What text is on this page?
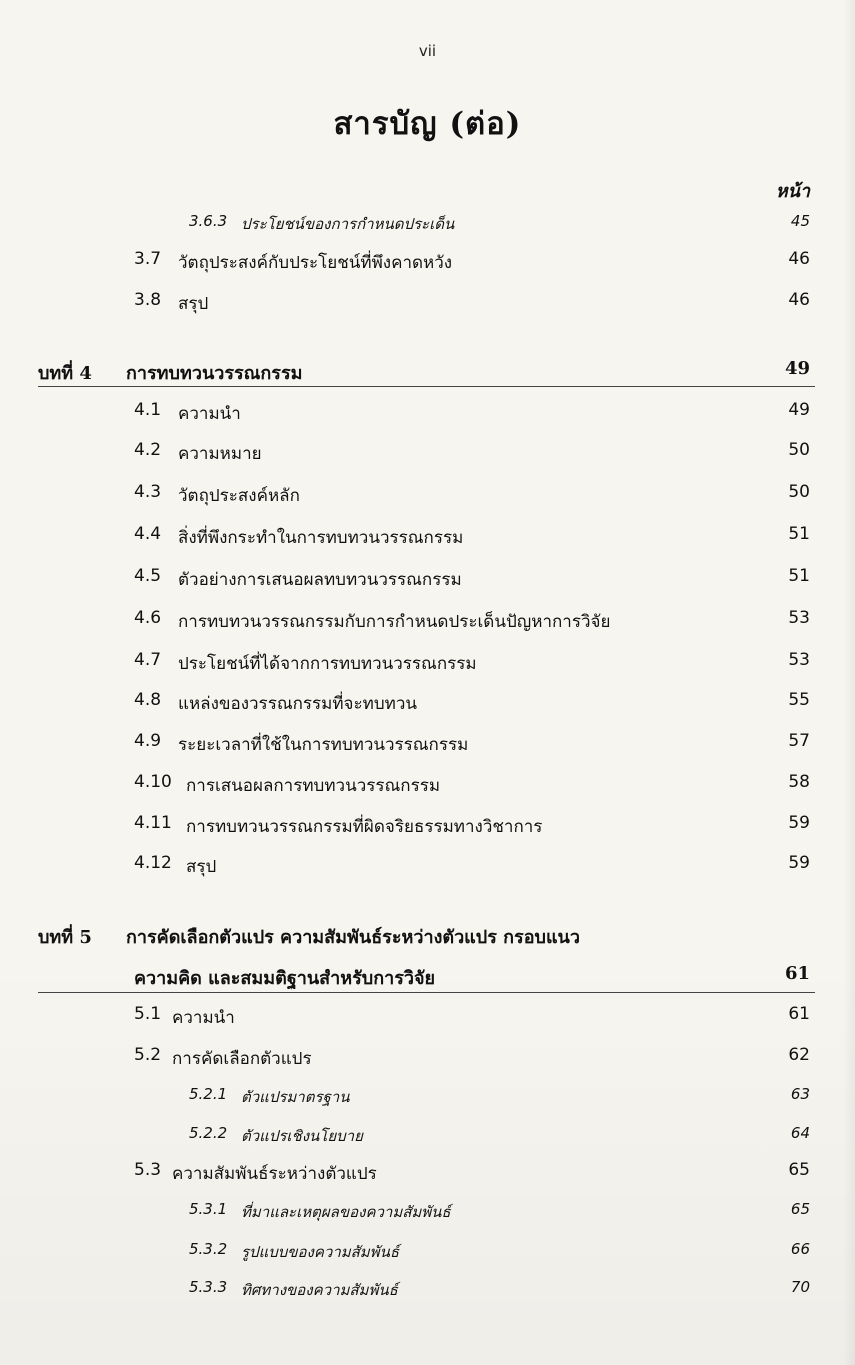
vii
สารบัญ (ต่อ)
หน้า
3.6.3 ประโยชน์ของการกำหนดประเด็น	45
3.7 วัตถุประสงค์กับประโยชน์ที่พึงคาดหวัง	46
3.8 สรุป	46
บทที่ 4 การทบทวนวรรณกรรม	49
4.1 ความนำ	49
4.2 ความหมาย	50
4.3 วัตถุประสงค์หลัก	50
4.4 สิ่งที่พึงกระทำในการทบทวนวรรณกรรม	51
4.5 ตัวอย่างการเสนอผลทบทวนวรรณกรรม	51
4.6 การทบทวนวรรณกรรมกับการกำหนดประเด็นปัญหาการวิจัย	53
4.7 ประโยชน์ที่ได้จากการทบทวนวรรณกรรม	53
4.8 แหล่งของวรรณกรรมที่จะทบทวน	55
4.9 ระยะเวลาที่ใช้ในการทบทวนวรรณกรรม	57
4.10 การเสนอผลการทบทวนวรรณกรรม	58
4.11 การทบทวนวรรณกรรมที่ผิดจริยธรรมทางวิชาการ	59
4.12 สรุป	59
บทที่ 5 การคัดเลือกตัวแปร ความสัมพันธ์ระหว่างตัวแปร กรอบแนว
ความคิด และสมมติฐานสำหรับการวิจัย	61
5.1 ความนำ	61
5.2 การคัดเลือกตัวแปร	62
5.2.1 ตัวแปรมาตรฐาน	63
5.2.2 ตัวแปรเชิงนโยบาย	64
5.3 ความสัมพันธ์ระหว่างตัวแปร	65
5.3.1 ที่มาและเหตุผลของความสัมพันธ์	65
5.3.2 รูปแบบของความสัมพันธ์	66
5.3.3 ทิศทางของความสัมพันธ์	70
